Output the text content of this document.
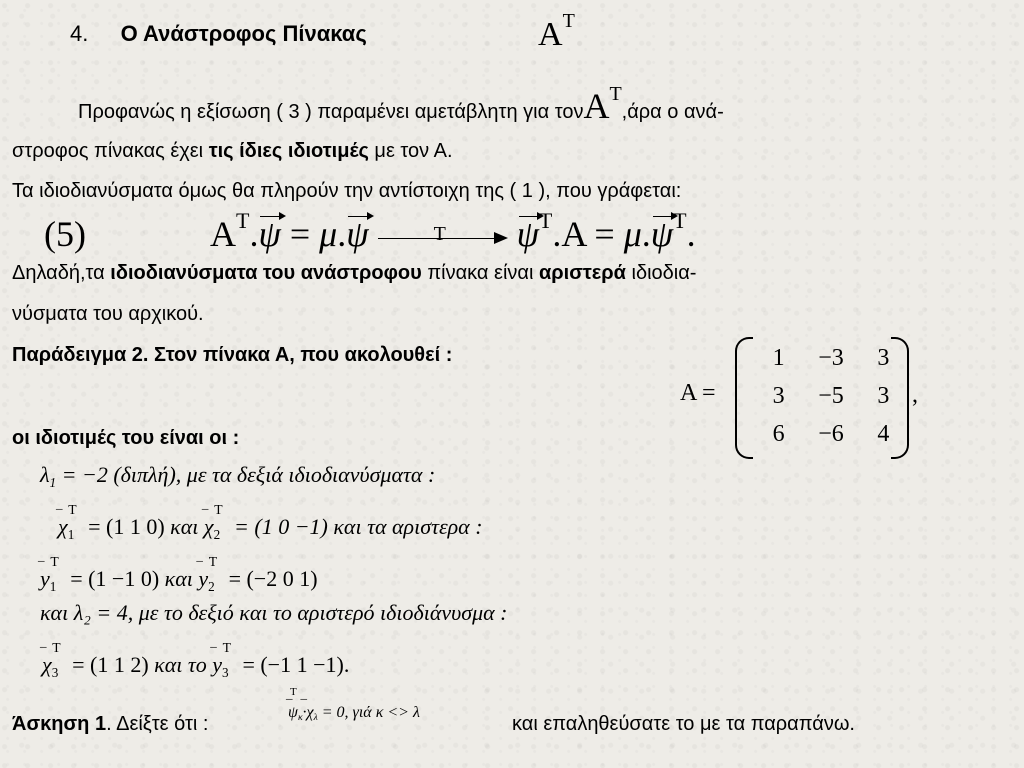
4. Ο Ανάστροφος Πίνακας	$A^T$
Προφανώς η εξίσωση ( 3 ) παραμένει αμετάβλητη για τονAT,άρα ο ανά-
στροφος πίνακας έχει τις ίδιες ιδιοτιμές με τον Α.
Τα ιδιοδιανύσματα όμως θα πληρούν την αντίστοιχη της ( 1 ), που γράφεται:
(5)	$A^T.\psi = \mu.\psi$	T $\psi^T.A = \mu.\psi^T$.
Δηλαδή,τα ιδιοδιανύσματα του ανάστροφου πίνακα είναι αριστερά ιδιοδια-
νύσματα του αρχικού.
Παράδειγμα 2. Στον πίνακα Α, που ακολουθεί :
οι ιδιοτιμές του είναι οι :
A =
1	−3	3
3	−5	3
6	−6	4
,
$\lambda_1 = -2$ (διπλή), με τα δεξιά ιδιοδιανύσματα :
_ $\chi_1^T = (1$ 1 0) και _ $\chi_2^T = (1$ 0 −1) και τα αριστερα :
_ $y_1^T = (1 -1$ 0) και _ $y_2^T = (-2$ 0 1)
και λ₂ = 4, με το δεξιό και το αριστερό ιδιοδιάνυσμα :
_ $\chi_3^T = (1$ 1 2) και το _ $y_3^T = (-1$ 1 −1).
Άσκηση 1. Δείξτε ότι :
T
_ $\psi_\kappa\_ \cdot\chi_\lambda = 0$, γιά κ <> λ
και επαληθεύσατε το με τα παραπάνω.
